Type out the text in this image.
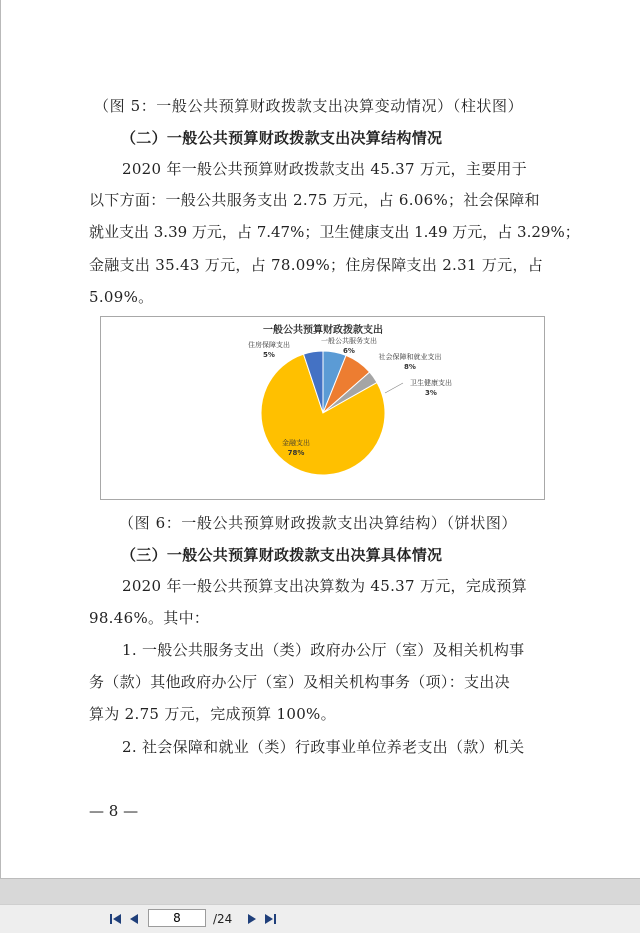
（图 5：一般公共预算财政拨款支出决算变动情况）（柱状图）
（二）一般公共预算财政拨款支出决算结构情况
2020 年一般公共预算财政拨款支出 45.37 万元，主要用于
以下方面：一般公共服务支出 2.75 万元，占 6.06%；社会保障和
就业支出 3.39 万元，占 7.47%；卫生健康支出 1.49 万元，占 3.29%；
金融支出 35.43 万元，占 78.09%；住房保障支出 2.31 万元，占
5.09%。
一般公共预算财政拨款支出
一般公共服务支出
6%
社会保障和就业支出
8%
卫生健康支出
3%
金融支出
78%
住房保障支出
5%
（图 6：一般公共预算财政拨款支出决算结构）（饼状图）
（三）一般公共预算财政拨款支出决算具体情况
2020 年一般公共预算支出决算数为 45.37 万元，完成预算
98.46%。其中：
1. 一般公共服务支出（类）政府办公厅（室）及相关机构事
务（款）其他政府办公厅（室）及相关机构事务（项）：支出决
算为 2.75 万元，完成预算 100%。
2. 社会保障和就业（类）行政事业单位养老支出（款）机关
— 8 —
8
/24
